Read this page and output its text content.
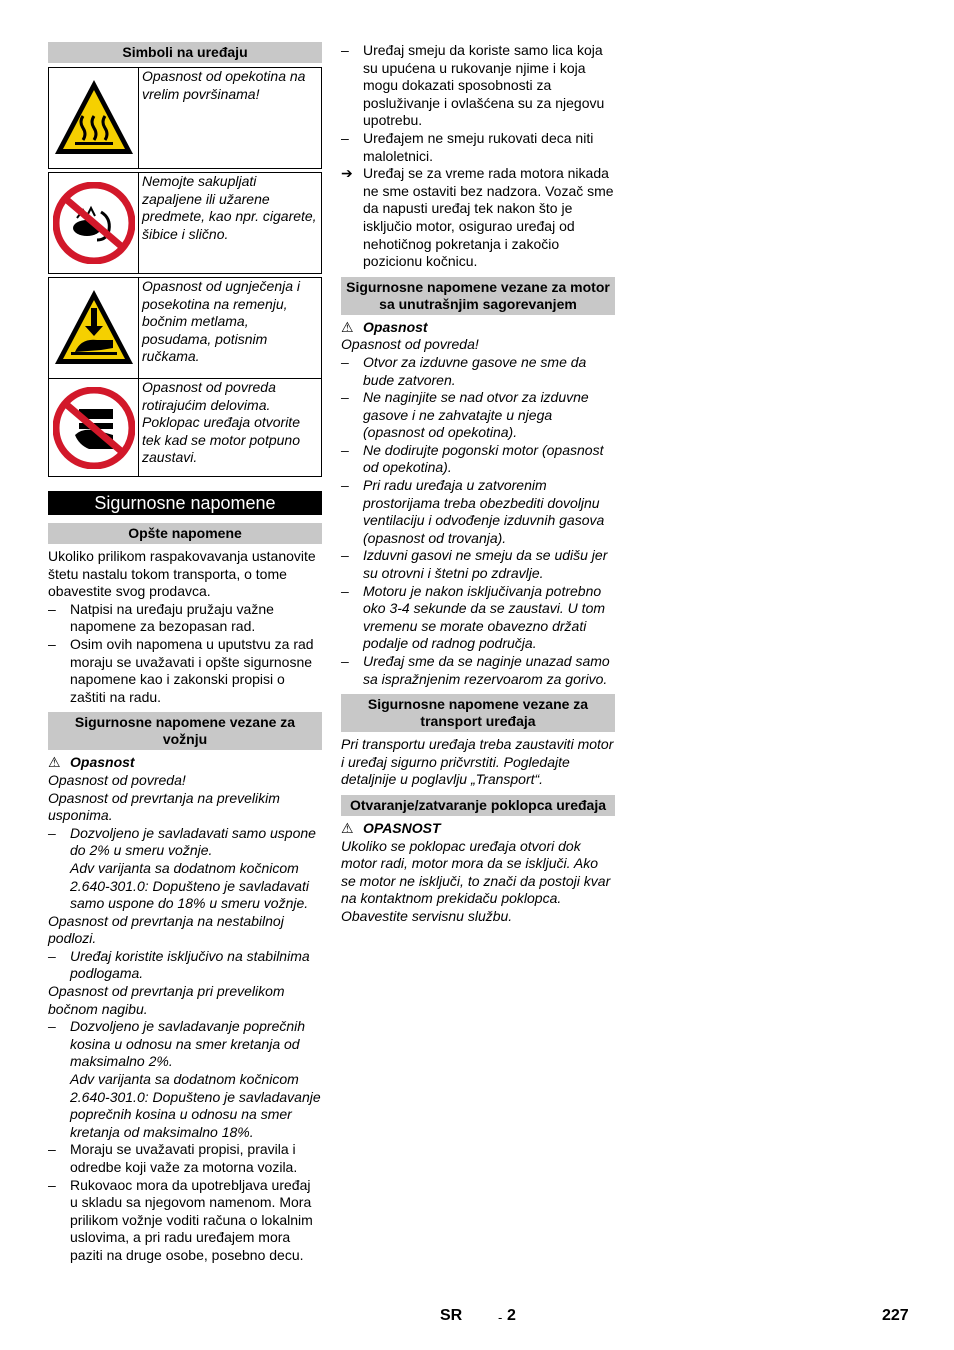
Simboli na uređaju
Opasnost od opekotina na vrelim površinama!
Nemojte sakupljati zapaljene ili užarene predmete, kao npr. cigarete, šibice i slično.
Opasnost od ugnječenja i posekotina na remenju, bočnim metlama, posudama, potisnim ručkama.
Opasnost od povreda rotirajućim delovima. Poklopac uređaja otvorite tek kad se motor potpuno zaustavi.
Sigurnosne napomene
Opšte napomene

Ukoliko prilikom raspakovavanja ustanovite štetu nastalu tokom transporta, o tome obavestite svog prodavca.

– Natpisi na uređaju pružaju važne napomene za bezopasan rad.

– Osim ovih napomena u uputstvu za rad moraju se uvažavati i opšte sigurnosne napomene kao i zakonski propisi o zaštiti na radu.

Sigurnosne napomene vezane za vožnju

⚠ Opasnost

Opasnost od povreda!

Opasnost od prevrtanja na prevelikim usponima.

– Dozvoljeno je savladavati samo uspone do 2% u smeru vožnje.

Adv varijanta sa dodatnom kočnicom 2.640-301.0: Dopušteno je savladavati samo uspone do 18% u smeru vožnje.

Opasnost od prevrtanja na nestabilnoj podlozi.

– Uređaj koristite isključivo na stabilnima podlogama.

Opasnost od prevrtanja pri prevelikom bočnom nagibu.

– Dozvoljeno je savladavanje poprečnih kosina u odnosu na smer kretanja od maksimalno 2%.

Adv varijanta sa dodatnom kočnicom 2.640-301.0: Dopušteno je savladavanje poprečnih kosina u odnosu na smer kretanja od maksimalno 18%.

– Moraju se uvažavati propisi, pravila i odredbe koji važe za motorna vozila.

– Rukovaoc mora da upotrebljava uređaj u skladu sa njegovom namenom. Mora prilikom vožnje voditi računa o lokalnim uslovima, a pri radu uređajem mora paziti na druge osobe, posebno decu.

– Uređaj smeju da koriste samo lica koja su upućena u rukovanje njime i koja mogu dokazati sposobnosti za posluživanje i ovlašćena su za njegovu upotrebu.

– Uređajem ne smeju rukovati deca niti maloletnici.

➔ Uređaj se za vreme rada motora nikada ne sme ostaviti bez nadzora. Vozač sme da napusti uređaj tek nakon što je isključio motor, osigurao uređaj od nehotičnog pokretanja i zakočio pozicionu kočnicu.

Sigurnosne napomene vezane za motor sa unutrašnjim sagorevanjem

⚠ Opasnost

Opasnost od povreda!

– Otvor za izduvne gasove ne sme da bude zatvoren.

– Ne naginjite se nad otvor za izduvne gasove i ne zahvatajte u njega (opasnost od opekotina).

– Ne dodirujte pogonski motor (opasnost od opekotina).

– Pri radu uređaja u zatvorenim prostorijama treba obezbediti dovoljnu ventilaciju i odvođenje izduvnih gasova (opasnost od trovanja).

– Izduvni gasovi ne smeju da se udišu jer su otrovni i štetni po zdravlje.

– Motoru je nakon isključivanja potrebno oko 3-4 sekunde da se zaustavi. U tom vremenu se morate obavezno držati podalje od radnog područja.

– Uređaj sme da se naginje unazad samo sa ispražnjenim rezervoarom za gorivo.

Sigurnosne napomene vezane za transport uređaja

Pri transportu uređaja treba zaustaviti motor i uređaj sigurno pričvrstiti. Pogledajte detaljnije u poglavlju „Transport“.

Otvaranje/zatvaranje poklopca uređaja

⚠ OPASNOST

Ukoliko se poklopac uređaja otvori dok motor radi, motor mora da se isključi. Ako se motor ne isključi, to znači da postoji kvar na kontaktnom prekidaču poklopca. Obavestite servisnu službu.

SR	- 2	227
